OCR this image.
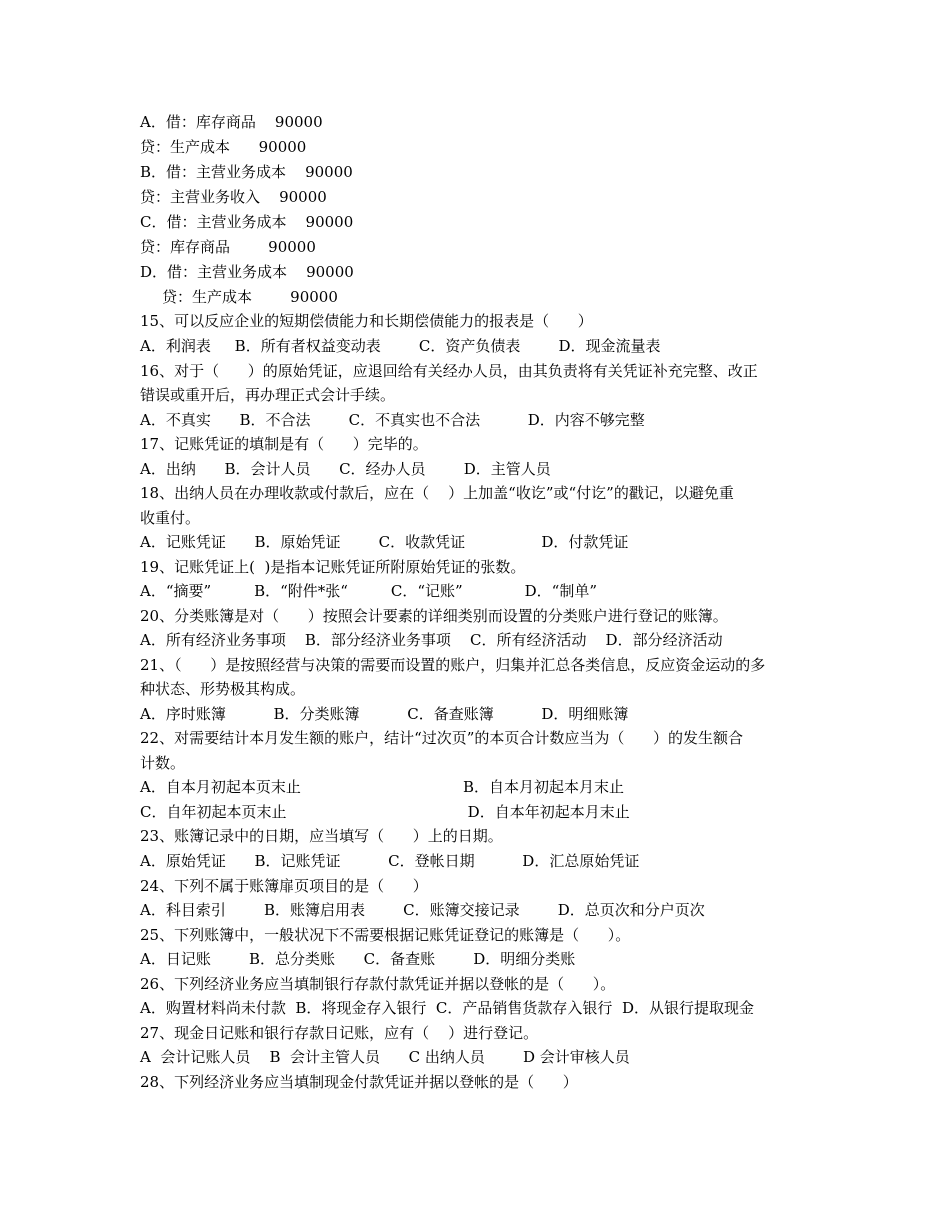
A．借：库存商品    90000
贷：生产成本      90000
B．借：主营业务成本    90000
贷：主营业务收入    90000
C．借：主营业务成本    90000
贷：库存商品        90000
D．借：主营业务成本    90000
贷：生产成本        90000
15、可以反应企业的短期偿债能力和长期偿债能力的报表是（      ）
A．利润表     B．所有者权益变动表        C．资产负债表        D．现金流量表
16、对于（      ）的原始凭证，应退回给有关经办人员，由其负责将有关凭证补充完整、改正
错误或重开后，再办理正式会计手续。
A．不真实      B．不合法        C．不真实也不合法          D．内容不够完整
17、记账凭证的填制是有（      ）完毕的。
A．出纳      B．会计人员      C．经办人员        D．主管人员
18、出纳人员在办理收款或付款后，应在（    ）上加盖“收讫”或“付讫”的戳记，以避免重
收重付。
A．记账凭证      B．原始凭证        C．收款凭证                D．付款凭证
19、记账凭证上(  )是指本记账凭证所附原始凭证的张数。
A．“摘要”         B．“附件*张“         C．“记账”             D．“制单”
20、分类账簿是对（      ）按照会计要素的详细类别而设置的分类账户进行登记的账簿。
A．所有经济业务事项    B．部分经济业务事项    C．所有经济活动    D．部分经济活动
21、（      ）是按照经营与决策的需要而设置的账户，归集并汇总各类信息，反应资金运动的多
种状态、形势极其构成。
A．序时账簿          B．分类账簿          C．备查账簿          D．明细账簿
22、对需要结计本月发生额的账户，结计“过次页”的本页合计数应当为（      ）的发生额合
计数。
A．自本月初起本页末止                                  B．自本月初起本月末止
C．自年初起本页末止                                      D．自本年初起本月末止
23、账簿记录中的日期，应当填写（      ）上的日期。
A．原始凭证      B．记账凭证          C．登帐日期          D．汇总原始凭证
24、下列不属于账簿扉页项目的是（      ）
A．科目索引        B．账簿启用表        C．账簿交接记录        D．总页次和分户页次
25、下列账簿中，一般状况下不需要根据记账凭证登记的账簿是（      ）。
A．日记账        B．总分类账      C．备查账        D．明细分类账
26、下列经济业务应当填制银行存款付款凭证并据以登帐的是（      ）。
A．购置材料尚未付款  B．将现金存入银行  C．产品销售货款存入银行  D．从银行提取现金
27、现金日记账和银行存款日记账，应有（    ）进行登记。
A  会计记账人员    B  会计主管人员      C 出纳人员        D 会计审核人员
28、下列经济业务应当填制现金付款凭证并据以登帐的是（      ）
